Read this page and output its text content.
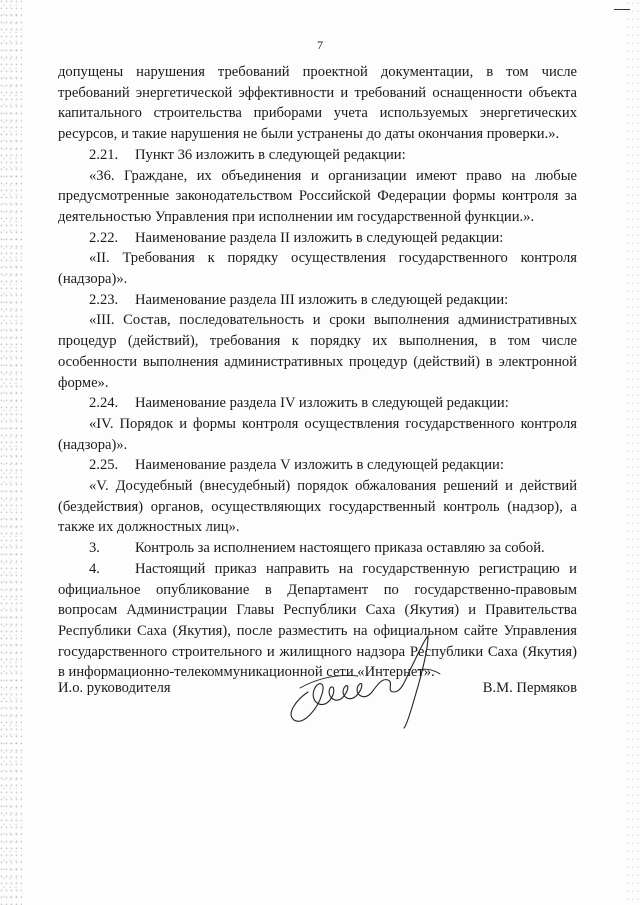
7

допущены нарушения требований проектной документации, в том числе требований энергетической эффективности и требований оснащенности объекта капитального строительства приборами учета используемых энергетических ресурсов, и такие нарушения не были устранены до даты окончания проверки.».

2.21. Пункт 36 изложить в следующей редакции:

«36. Граждане, их объединения и организации имеют право на любые предусмотренные законодательством Российской Федерации формы контроля за деятельностью Управления при исполнении им государственной функции.».

2.22. Наименование раздела II изложить в следующей редакции:

«II. Требования к порядку осуществления государственного контроля (надзора)».

2.23. Наименование раздела III изложить в следующей редакции:

«III. Состав, последовательность и сроки выполнения административных процедур (действий), требования к порядку их выполнения, в том числе особенности выполнения административных процедур (действий) в электронной форме».

2.24. Наименование раздела IV изложить в следующей редакции:

«IV. Порядок и формы контроля осуществления государственного контроля (надзора)».

2.25. Наименование раздела V изложить в следующей редакции:

«V. Досудебный (внесудебный) порядок обжалования решений и действий (бездействия) органов, осуществляющих государственный контроль (надзор), а также их должностных лиц».

3. Контроль за исполнением настоящего приказа оставляю за собой.

4. Настоящий приказ направить на государственную регистрацию и официальное опубликование в Департамент по государственно-правовым вопросам Администрации Главы Республики Саха (Якутия) и Правительства Республики Саха (Якутия), после разместить на официальном сайте Управления государственного строительного и жилищного надзора Республики Саха (Якутия) в информационно-телекоммуникационной сети «Интернет».

И.о. руководителя	В.М. Пермяков
